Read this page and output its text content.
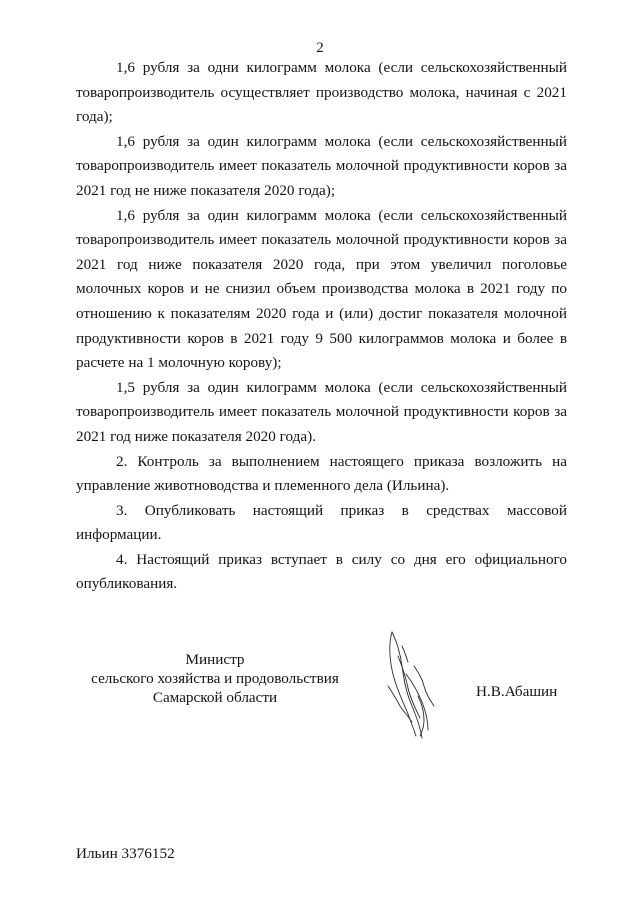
2

1,6 рубля за одни килограмм молока (если сельскохозяйственный товаропроизводитель осуществляет производство молока, начиная с 2021 года);

1,6 рубля за один килограмм молока (если сельскохозяйственный товаропроизводитель имеет показатель молочной продуктивности коров за 2021 год не ниже показателя 2020 года);

1,6 рубля за один килограмм молока (если сельскохозяйственный товаропроизводитель имеет показатель молочной продуктивности коров за 2021 год ниже показателя 2020 года, при этом увеличил поголовье молочных коров и не снизил объем производства молока в 2021 году по отношению к показателям 2020 года и (или) достиг показателя молочной продуктивности коров в 2021 году 9 500 килограммов молока и более в расчете на 1 молочную корову);

1,5 рубля за один килограмм молока (если сельскохозяйственный товаропроизводитель имеет показатель молочной продуктивности коров за 2021 год ниже показателя 2020 года).

2. Контроль за выполнением настоящего приказа возложить на управление животноводства и племенного дела (Ильина).

3. Опубликовать настоящий приказ в средствах массовой информации.

4. Настоящий приказ вступает в силу со дня его официального опубликования.

Министр
сельского хозяйства и продовольствия
Самарской области	Н.В.Абашин
Ильин 3376152
